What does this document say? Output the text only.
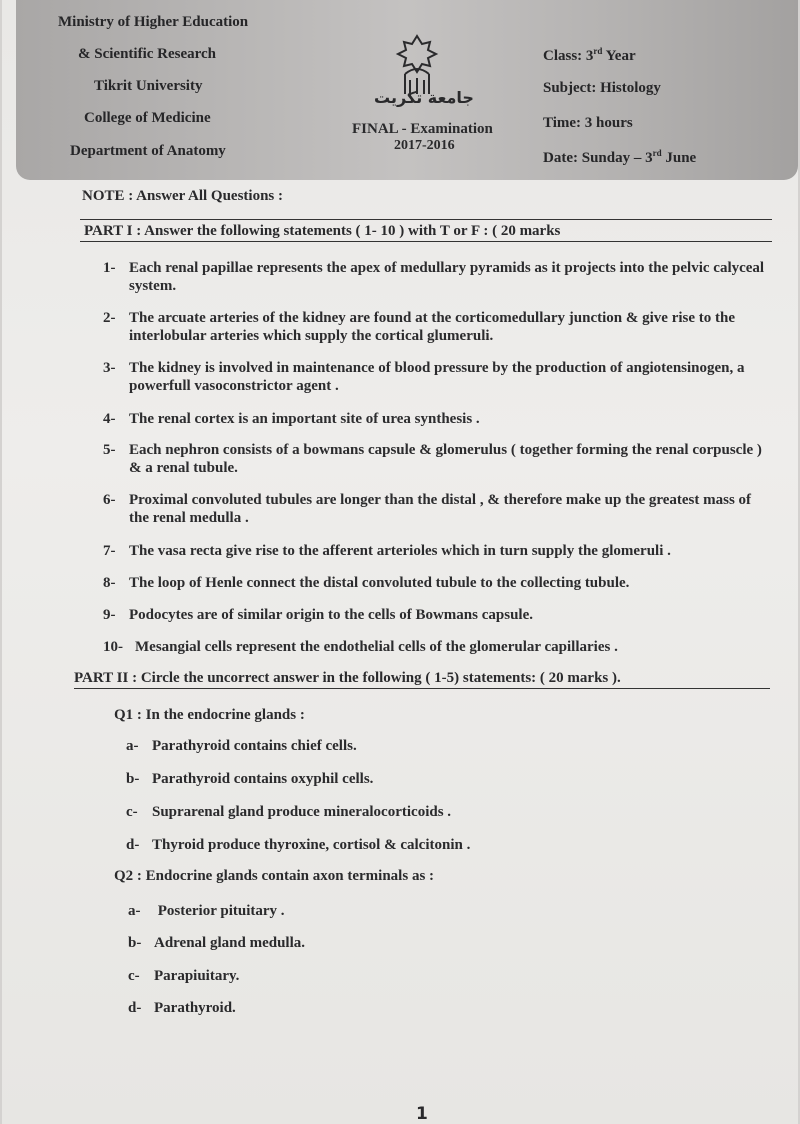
Ministry of Higher Education
& Scientific Research
Tikrit University
College of Medicine
Department of Anatomy
جامعة تكريت
FINAL - Examination
2017-2016
Class: 3rd Year
Subject: Histology
Time: 3 hours
Date: Sunday – 3rd June
NOTE : Answer All Questions :
PART I : Answer the following statements ( 1- 10 ) with T or F : ( 20 marks
1- Each renal papillae represents the apex of medullary pyramids as it projects into the pelvic calyceal system.
2- The arcuate arteries of the kidney are found at the corticomedullary junction & give rise to the interlobular arteries which supply the cortical glumeruli.
3- The kidney is involved in maintenance of blood pressure by the production of angiotensinogen, a powerfull vasoconstrictor agent .
4- The renal cortex is an important site of urea synthesis .
5- Each nephron consists of a bowmans capsule & glomerulus ( together forming the renal corpuscle ) & a renal tubule.
6- Proximal convoluted tubules are longer than the distal , & therefore make up the greatest mass of the renal medulla .
7- The vasa recta give rise to the afferent arterioles which in turn supply the glomeruli .
8- The loop of Henle connect the distal convoluted tubule to the collecting tubule.
9- Podocytes are of similar origin to the cells of Bowmans capsule.
10- Mesangial cells represent the endothelial cells of the glomerular capillaries .
PART II : Circle the uncorrect answer in the following ( 1-5) statements: ( 20 marks ).
Q1 : In the endocrine glands :
a- Parathyroid contains chief cells.
b- Parathyroid contains oxyphil cells.
c- Suprarenal gland produce mineralocorticoids .
d- Thyroid produce thyroxine, cortisol & calcitonin .
Q2 : Endocrine glands contain axon terminals as :
a- Posterior pituitary .
b- Adrenal gland medulla.
c- Parapiuitary.
d- Parathyroid.
1
